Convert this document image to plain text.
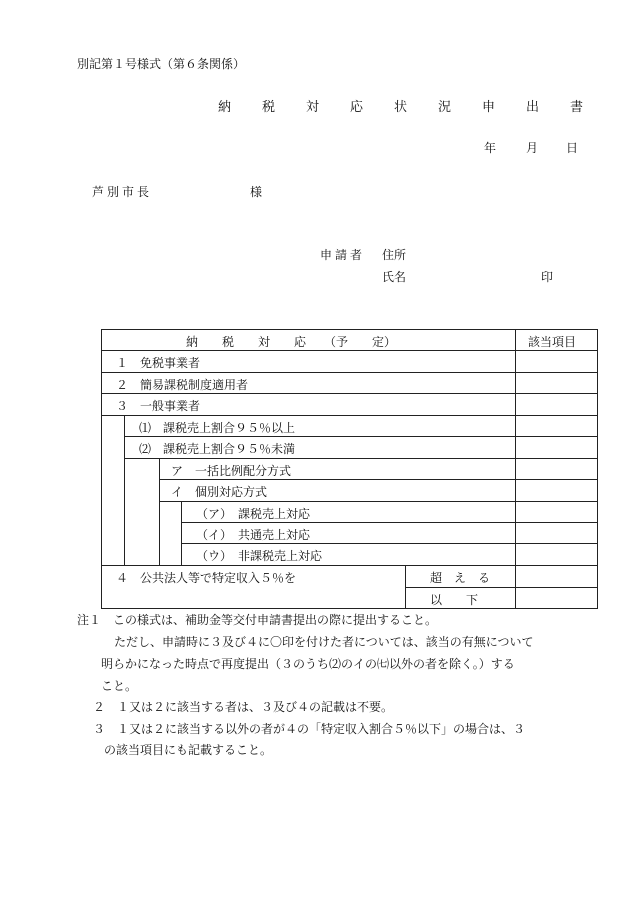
別記第１号様式（第６条関係）
納　税　対　応　状　況　申　出　書
年 月 日
芦別市長	様
申請者 住所
氏名	印
納　　税　　対　　応　　（予　　定）	該当項目
１　免税事業者
２　簡易課税制度適用者
３　一般事業者
⑴　課税売上割合９５％以上
⑵　課税売上割合９５％未満
ア　一括比例配分方式
イ　個別対応方式
（ア）　課税売上対応
（イ）　共通売上対応
（ウ）　非課税売上対応
４　公共法人等で特定収入５％を	超　え　る
以　　下
注１　この様式は、補助金等交付申請書提出の際に提出すること。
ただし、申請時に３及び４に〇印を付けた者については、該当の有無について
明らかになった時点で再度提出（３のうち⑵のイの㈦以外の者を除く。）する
こと。
２　１又は２に該当する者は、３及び４の記載は不要。
３　１又は２に該当する以外の者が４の「特定収入割合５％以下」の場合は、３
の該当項目にも記載すること。
